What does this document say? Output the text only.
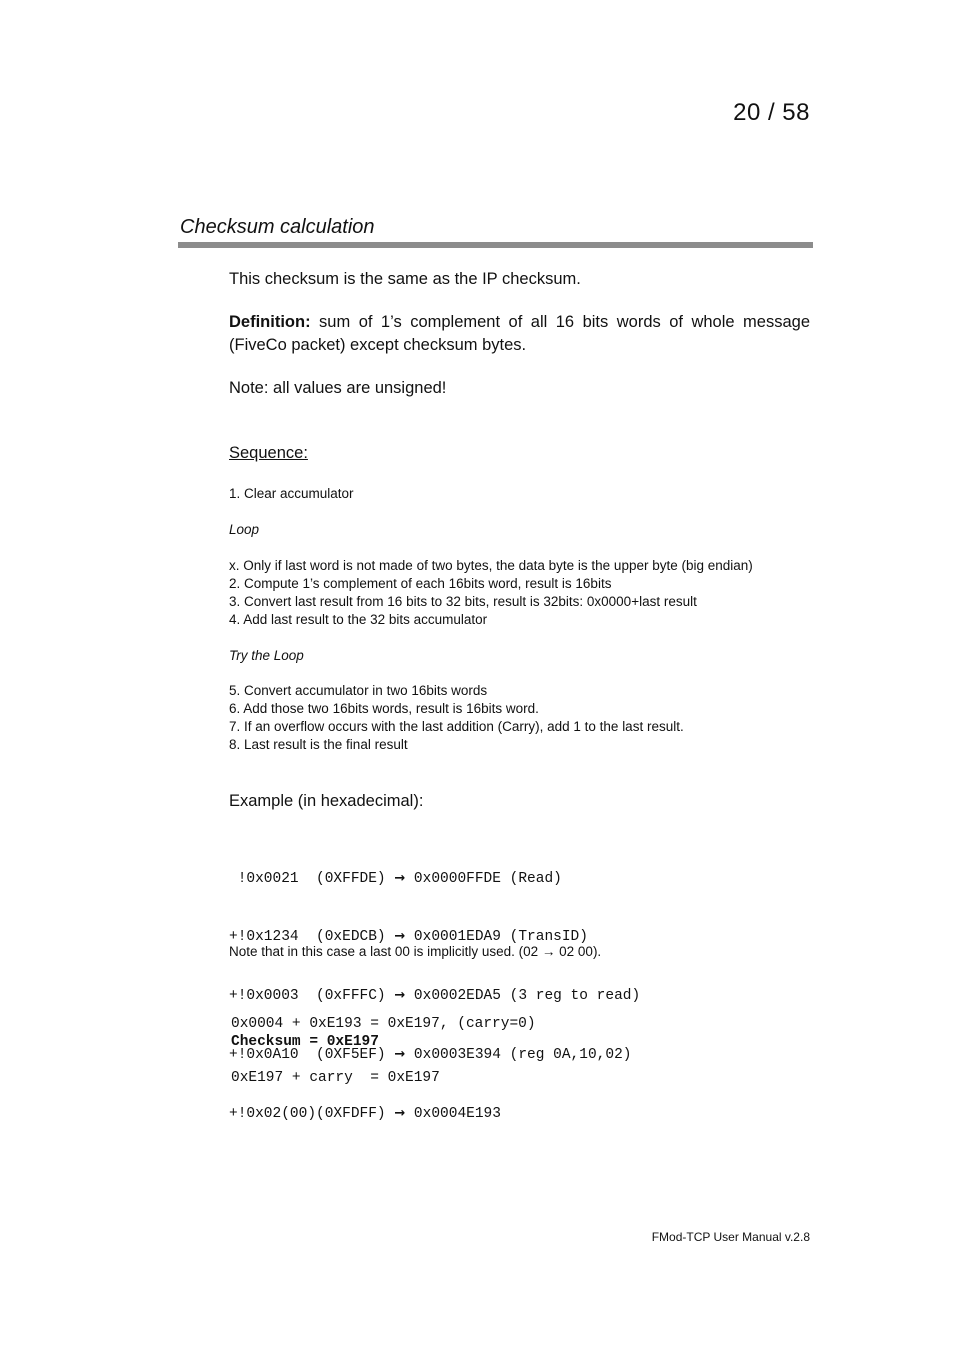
20 / 58
Checksum calculation
This checksum is the same as the IP checksum.
Definition: sum of 1’s complement of all 16 bits words of whole message (FiveCo packet) except checksum bytes.
Note: all values are unsigned!
Sequence:
1. Clear accumulator
Loop
x. Only if last word is not made of two bytes, the data byte is the upper byte (big endian)
2. Compute 1’s complement of each 16bits word, result is 16bits
3. Convert last result from 16 bits to 32 bits, result is 32bits: 0x0000+last result
4. Add last result to the 32 bits accumulator
Try the Loop
5. Convert accumulator in two 16bits words
6. Add those two 16bits words, result is 16bits word.
7. If an overflow occurs with the last addition (Carry), add 1 to the last result.
8. Last result is the final result
Example (in hexadecimal):

!0x0021  (0XFFDE) → 0x0000FFDE (Read)

+!0x1234  (0xEDCB) → 0x0001EDA9 (TransID)

+!0x0003  (0xFFFC) → 0x0002EDA5 (3 reg to read)

+!0x0A10  (0XF5EF) → 0x0003E394 (reg 0A,10,02)

+!0x02(00)(0XFDFF) → 0x0004E193

Note that in this case a last 00 is implicitly used. (02 → 02 00).

0x0004 + 0xE193 = 0xE197, (carry=0)

0xE197 + carry  = 0xE197

Checksum = 0xE197
FMod-TCP User Manual v.2.8
